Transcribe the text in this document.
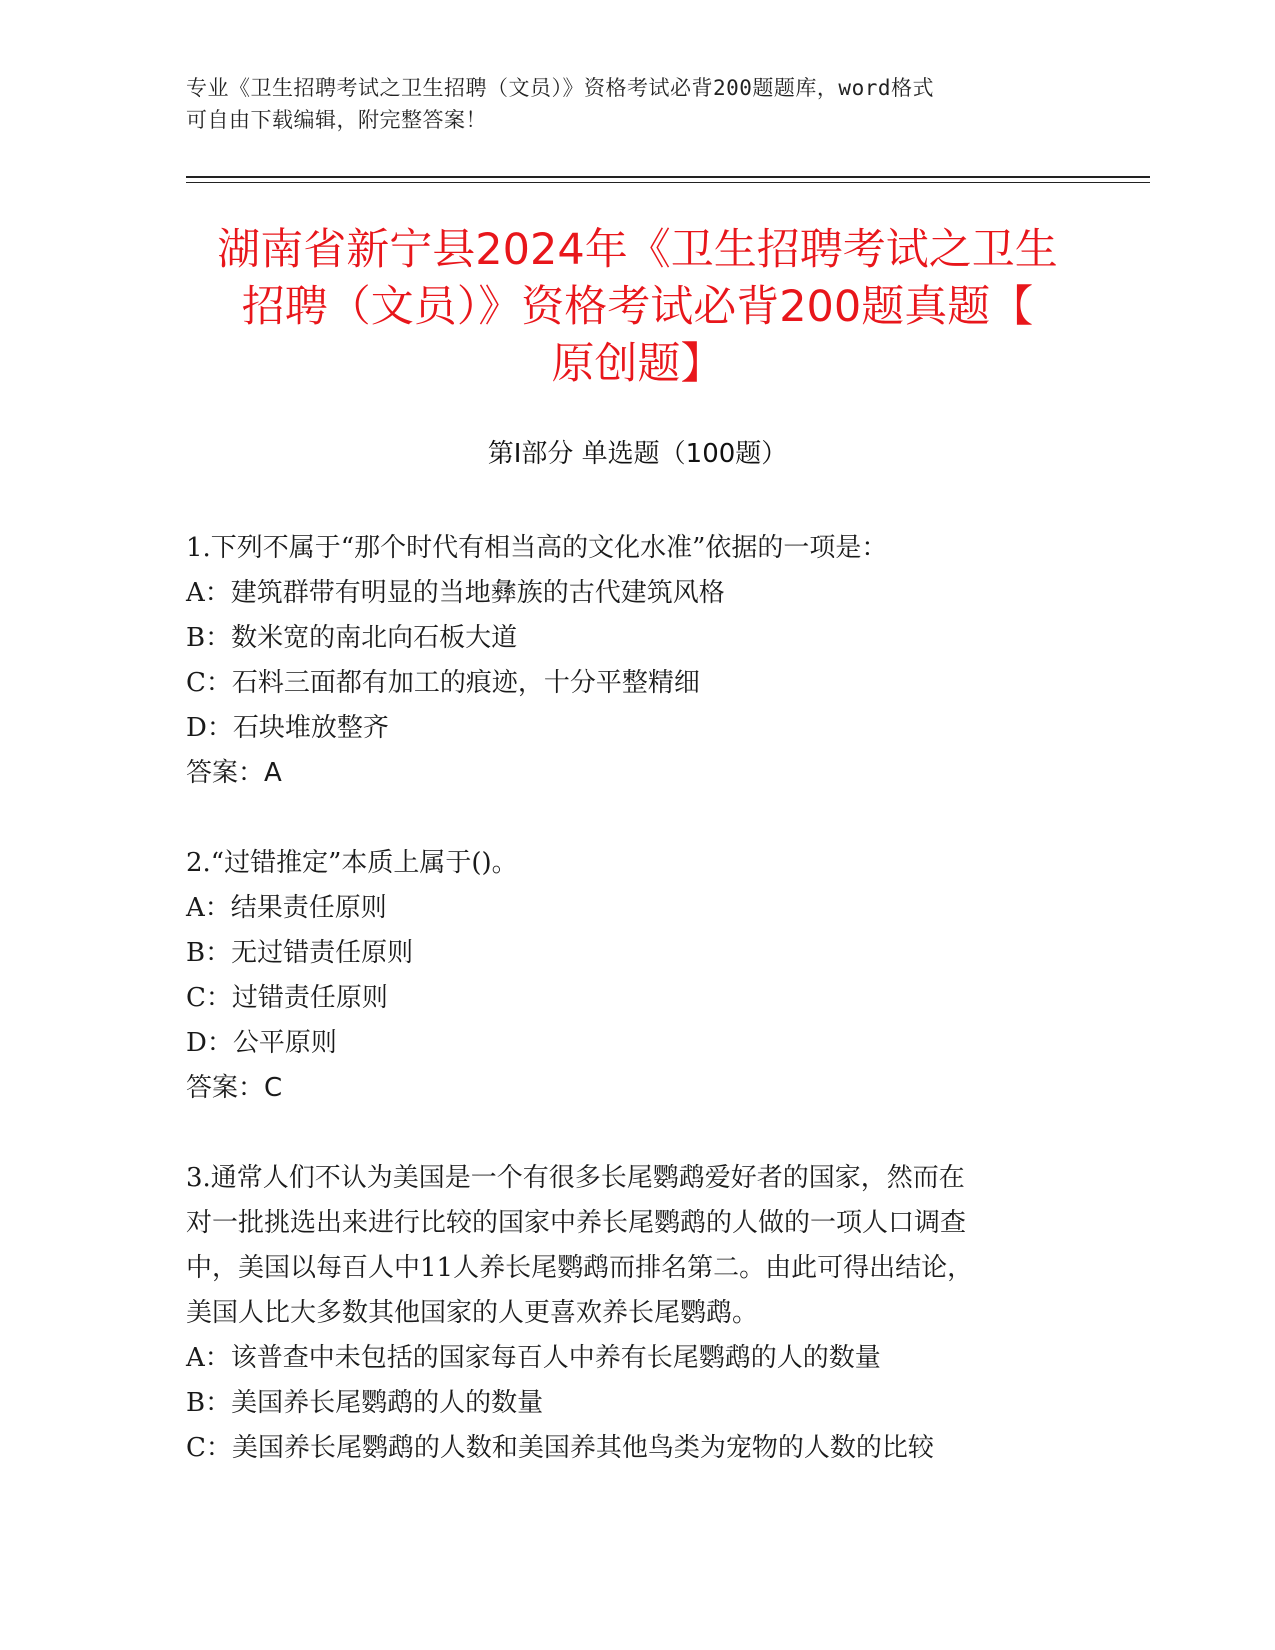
专业《卫生招聘考试之卫生招聘（文员）》资格考试必背200题题库，word格式
可自由下载编辑，附完整答案！
湖南省新宁县2024年《卫生招聘考试之卫生
招聘（文员）》资格考试必背200题真题【
原创题】
第I部分 单选题（100题）

1.下列不属于“那个时代有相当高的文化水准”依据的一项是：

A：建筑群带有明显的当地彝族的古代建筑风格

B：数米宽的南北向石板大道

C：石料三面都有加工的痕迹，十分平整精细

D：石块堆放整齐

答案：A

2.“过错推定”本质上属于()。

A：结果责任原则

B：无过错责任原则

C：过错责任原则

D：公平原则

答案：C

3.通常人们不认为美国是一个有很多长尾鹦鹉爱好者的国家，然而在

对一批挑选出来进行比较的国家中养长尾鹦鹉的人做的一项人口调查

中，美国以每百人中11人养长尾鹦鹉而排名第二。由此可得出结论，

美国人比大多数其他国家的人更喜欢养长尾鹦鹉。

A：该普查中未包括的国家每百人中养有长尾鹦鹉的人的数量

B：美国养长尾鹦鹉的人的数量

C：美国养长尾鹦鹉的人数和美国养其他鸟类为宠物的人数的比较
